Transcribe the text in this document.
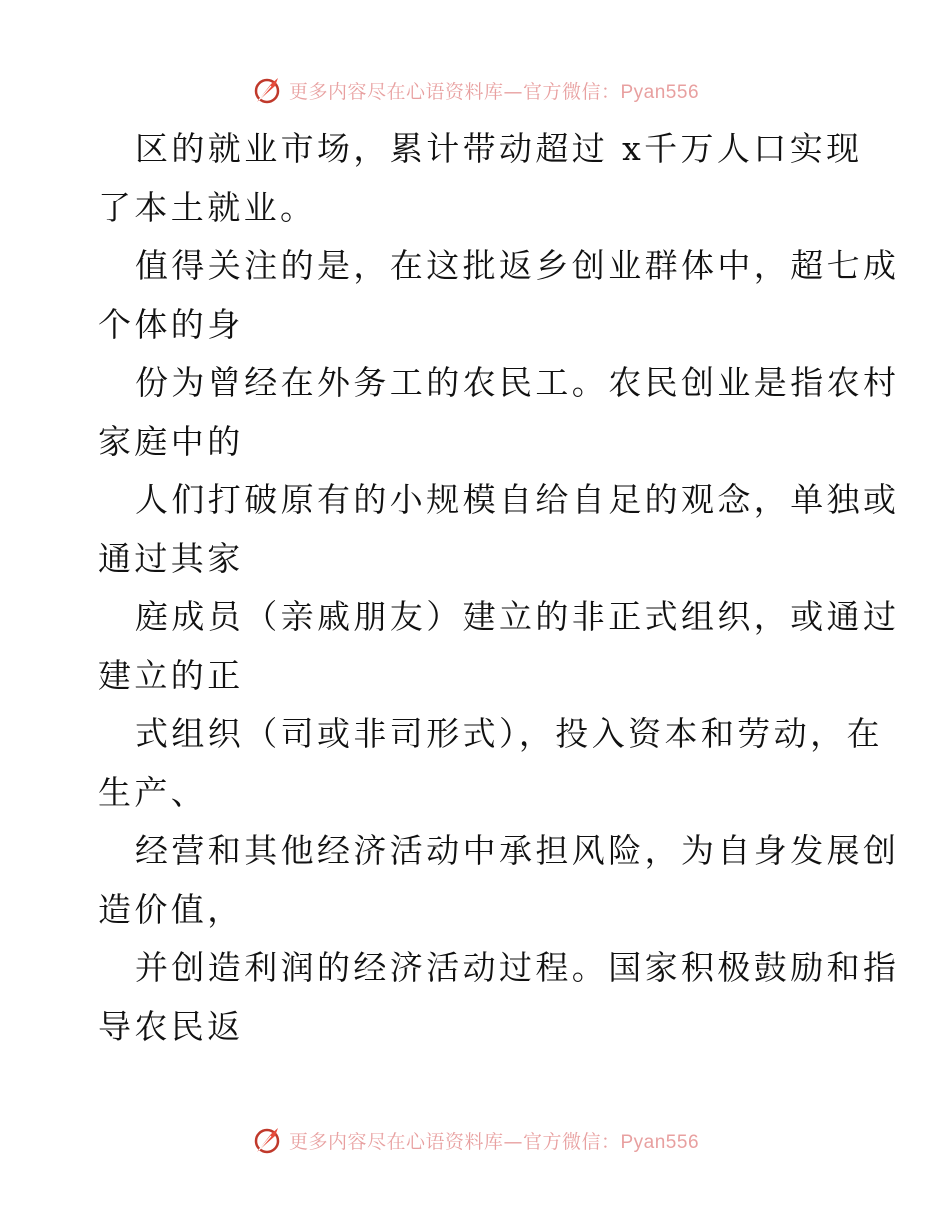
更多内容尽在心语资料库—官方微信：Pyan556
区的就业市场，累计带动超过 x千万人口实现
了本土就业。
值得关注的是，在这批返乡创业群体中，超七成
个体的身
份为曾经在外务工的农民工。农民创业是指农村
家庭中的
人们打破原有的小规模自给自足的观念，单独或
通过其家
庭成员（亲戚朋友）建立的非正式组织，或通过
建立的正
式组织（司或非司形式），投入资本和劳动，在
生产、
经营和其他经济活动中承担风险，为自身发展创
造价值，
并创造利润的经济活动过程。国家积极鼓励和指
导农民返
更多内容尽在心语资料库—官方微信：Pyan556
